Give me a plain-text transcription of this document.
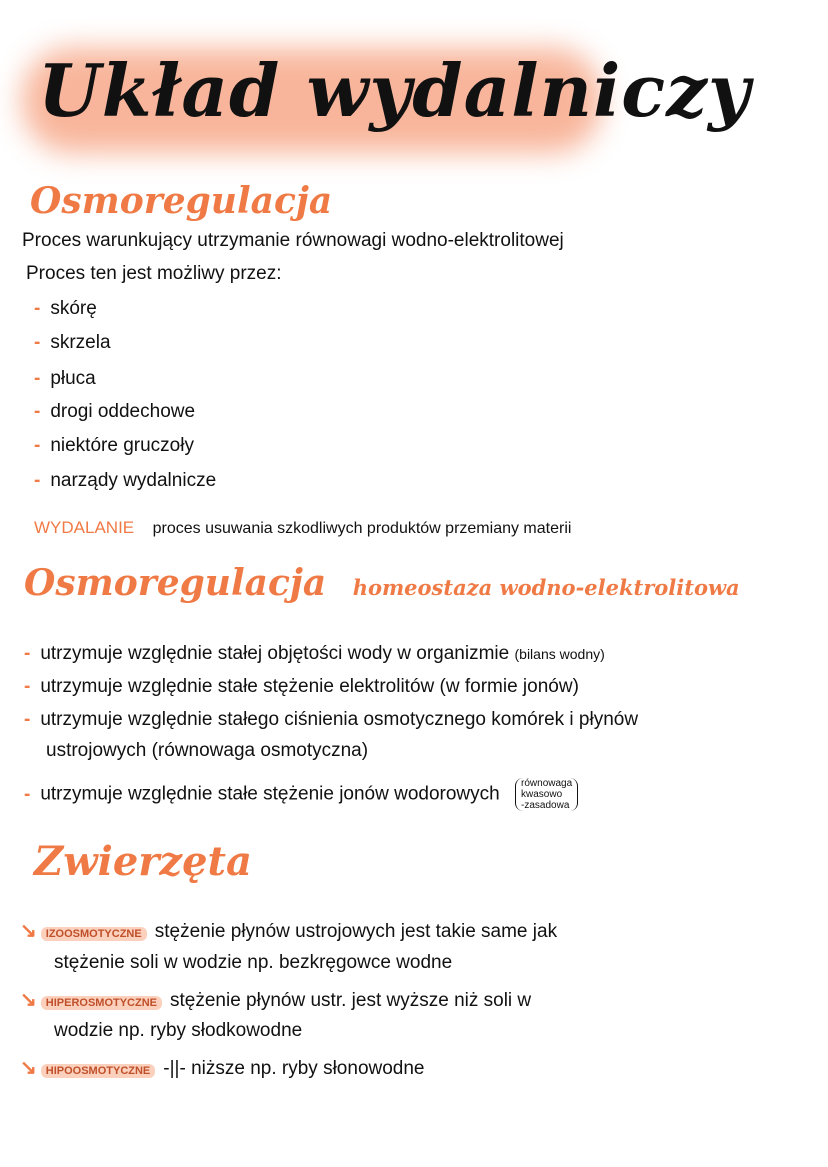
Układ wydalniczy
Osmoregulacja
Proces warunkujący utrzymanie równowagi wodno-elektrolitowej
Proces ten jest możliwy przez:
- skórę
- skrzela
- płuca
- drogi oddechowe
- niektóre gruczoły
- narządy wydalnicze
WYDALANIE proces usuwania szkodliwych produktów przemiany materii
Osmoregulacja homeostaza wodno-elektrolitowa
- utrzymuje względnie stałej objętości wody w organizmie (bilans wodny)
- utrzymuje względnie stałe stężenie elektrolitów (w formie jonów)
- utrzymuje względnie stałego ciśnienia osmotycznego komórek i płynów
ustrojowych (równowaga osmotyczna)
- utrzymuje względnie stałe stężenie jonów wodorowych równowaga
kwasowo
-zasadowa
Zwierzęta
↘ IZOOSMOTYCZNE stężenie płynów ustrojowych jest takie same jak
stężenie soli w wodzie np. bezkręgowce wodne
↘ HIPEROSMOTYCZNE stężenie płynów ustr. jest wyższe niż soli w
wodzie np. ryby słodkowodne
↘ HIPOOSMOTYCZNE -||- niższe np. ryby słonowodne
